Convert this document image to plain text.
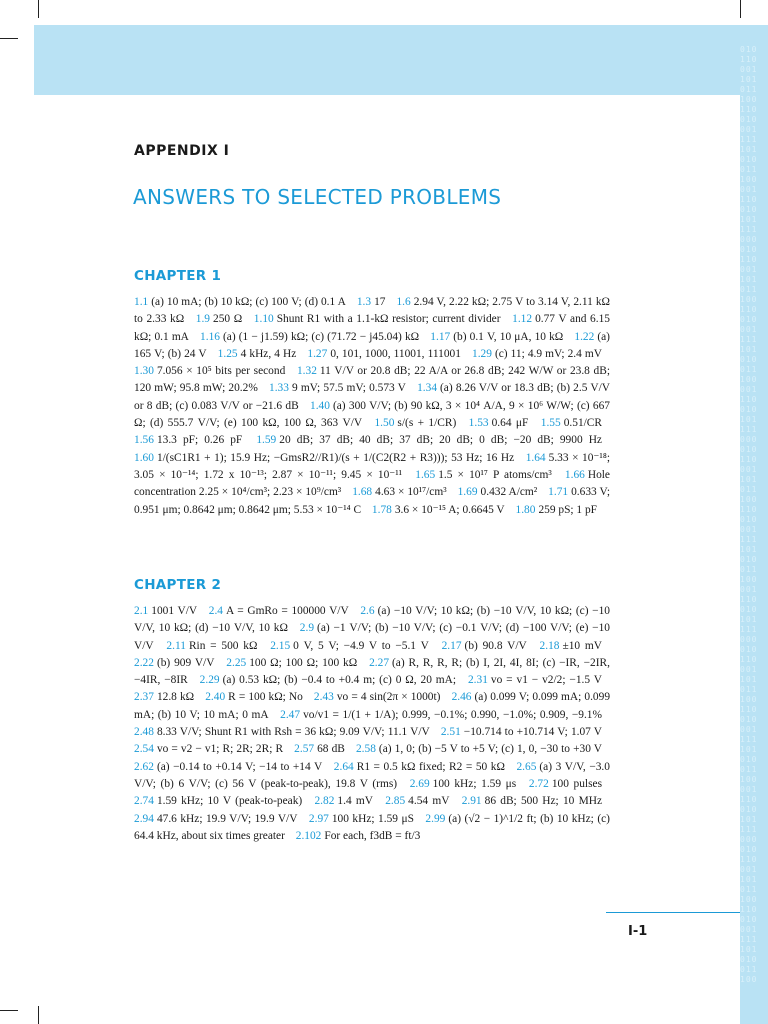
010
110
001
101
011
100
110
010
001
111
101
010
011
100
001
110
010
101
111
000
010
110
001
101
011
100
110
010
001
111
101
010
011
100
001
110
010
101
111
000
010
110
001
101
011
100
110
010
001
111
101
010
011
100
001
110
010
101
111
000
010
110
001
101
011
100
110
010
001
111
101
010
011
100
001
110
010
101
111
000
010
110
001
101
011
100
110
010
001
111
101
010
011
100
APPENDIX I
ANSWERS TO SELECTED PROBLEMS
CHAPTER 1
1.1 (a) 10 mA; (b) 10 kΩ; (c) 100 V; (d) 0.1 A 1.3 17 1.6 2.94 V, 2.22 kΩ; 2.75 V to 3.14 V, 2.11 kΩ to 2.33 kΩ 1.9 250 Ω 1.10 Shunt R1 with a 1.1-kΩ resistor; current divider 1.12 0.77 V and 6.15 kΩ; 0.1 mA 1.16 (a) (1 − j1.59) kΩ; (c) (71.72 − j45.04) kΩ 1.17 (b) 0.1 V, 10 μA, 10 kΩ 1.22 (a) 165 V; (b) 24 V 1.25 4 kHz, 4 Hz 1.27 0, 101, 1000, 11001, 111001 1.29 (c) 11; 4.9 mV; 2.4 mV 1.30 7.056 × 10⁵ bits per second 1.32 11 V/V or 20.8 dB; 22 A/A or 26.8 dB; 242 W/W or 23.8 dB; 120 mW; 95.8 mW; 20.2% 1.33 9 mV; 57.5 mV; 0.573 V 1.34 (a) 8.26 V/V or 18.3 dB; (b) 2.5 V/V or 8 dB; (c) 0.083 V/V or −21.6 dB 1.40 (a) 300 V/V; (b) 90 kΩ, 3 × 10⁴ A/A, 9 × 10⁶ W/W; (c) 667 Ω; (d) 555.7 V/V; (e) 100 kΩ, 100 Ω, 363 V/V 1.50 s/(s + 1/CR) 1.53 0.64 μF 1.55 0.51/CR 1.56 13.3 pF; 0.26 pF 1.59 20 dB; 37 dB; 40 dB; 37 dB; 20 dB; 0 dB; −20 dB; 9900 Hz 1.60 1/(sC1R1 + 1); 15.9 Hz; −GmsR2//R1)/(s + 1/(C2(R2 + R3))); 53 Hz; 16 Hz 1.64 5.33 × 10⁻¹⁸; 3.05 × 10⁻¹⁴; 1.72 x 10⁻¹³; 2.87 × 10⁻¹¹; 9.45 × 10⁻¹¹ 1.65 1.5 × 10¹⁷ P atoms/cm³ 1.66 Hole concentration 2.25 × 10⁴/cm³; 2.23 × 10⁹/cm³ 1.68 4.63 × 10¹⁷/cm³ 1.69 0.432 A/cm² 1.71 0.633 V; 0.951 μm; 0.8642 μm; 0.8642 μm; 5.53 × 10⁻¹⁴ C 1.78 3.6 × 10⁻¹⁵ A; 0.6645 V 1.80 259 pS; 1 pF
CHAPTER 2
2.1 1001 V/V 2.4 A = GmRo = 100000 V/V 2.6 (a) −10 V/V; 10 kΩ; (b) −10 V/V, 10 kΩ; (c) −10 V/V, 10 kΩ; (d) −10 V/V, 10 kΩ 2.9 (a) −1 V/V; (b) −10 V/V; (c) −0.1 V/V; (d) −100 V/V; (e) −10 V/V 2.11 Rin = 500 kΩ 2.15 0 V, 5 V; −4.9 V to −5.1 V 2.17 (b) 90.8 V/V 2.18 ±10 mV 2.22 (b) 909 V/V 2.25 100 Ω; 100 Ω; 100 kΩ 2.27 (a) R, R, R, R; (b) I, 2I, 4I, 8I; (c) −IR, −2IR, −4IR, −8IR 2.29 (a) 0.53 kΩ; (b) −0.4 to +0.4 m; (c) 0 Ω, 20 mA; 2.31 vo = v1 − v2/2; −1.5 V 2.37 12.8 kΩ 2.40 R = 100 kΩ; No 2.43 vo = 4 sin(2π × 1000t) 2.46 (a) 0.099 V; 0.099 mA; 0.099 mA; (b) 10 V; 10 mA; 0 mA 2.47 vo/v1 = 1/(1 + 1/A); 0.999, −0.1%; 0.990, −1.0%; 0.909, −9.1% 2.48 8.33 V/V; Shunt R1 with Rsh = 36 kΩ; 9.09 V/V; 11.1 V/V 2.51 −10.714 to +10.714 V; 1.07 V 2.54 vo = v2 − v1; R; 2R; 2R; R 2.57 68 dB 2.58 (a) 1, 0; (b) −5 V to +5 V; (c) 1, 0, −30 to +30 V 2.62 (a) −0.14 to +0.14 V; −14 to +14 V 2.64 R1 = 0.5 kΩ fixed; R2 = 50 kΩ 2.65 (a) 3 V/V, −3.0 V/V; (b) 6 V/V; (c) 56 V (peak-to-peak), 19.8 V (rms) 2.69 100 kHz; 1.59 μs 2.72 100 pulses 2.74 1.59 kHz; 10 V (peak-to-peak) 2.82 1.4 mV 2.85 4.54 mV 2.91 86 dB; 500 Hz; 10 MHz 2.94 47.6 kHz; 19.9 V/V; 19.9 V/V 2.97 100 kHz; 1.59 μS 2.99 (a) (√2 − 1)^1/2 ft; (b) 10 kHz; (c) 64.4 kHz, about six times greater 2.102 For each, f3dB = ft/3
I-1
